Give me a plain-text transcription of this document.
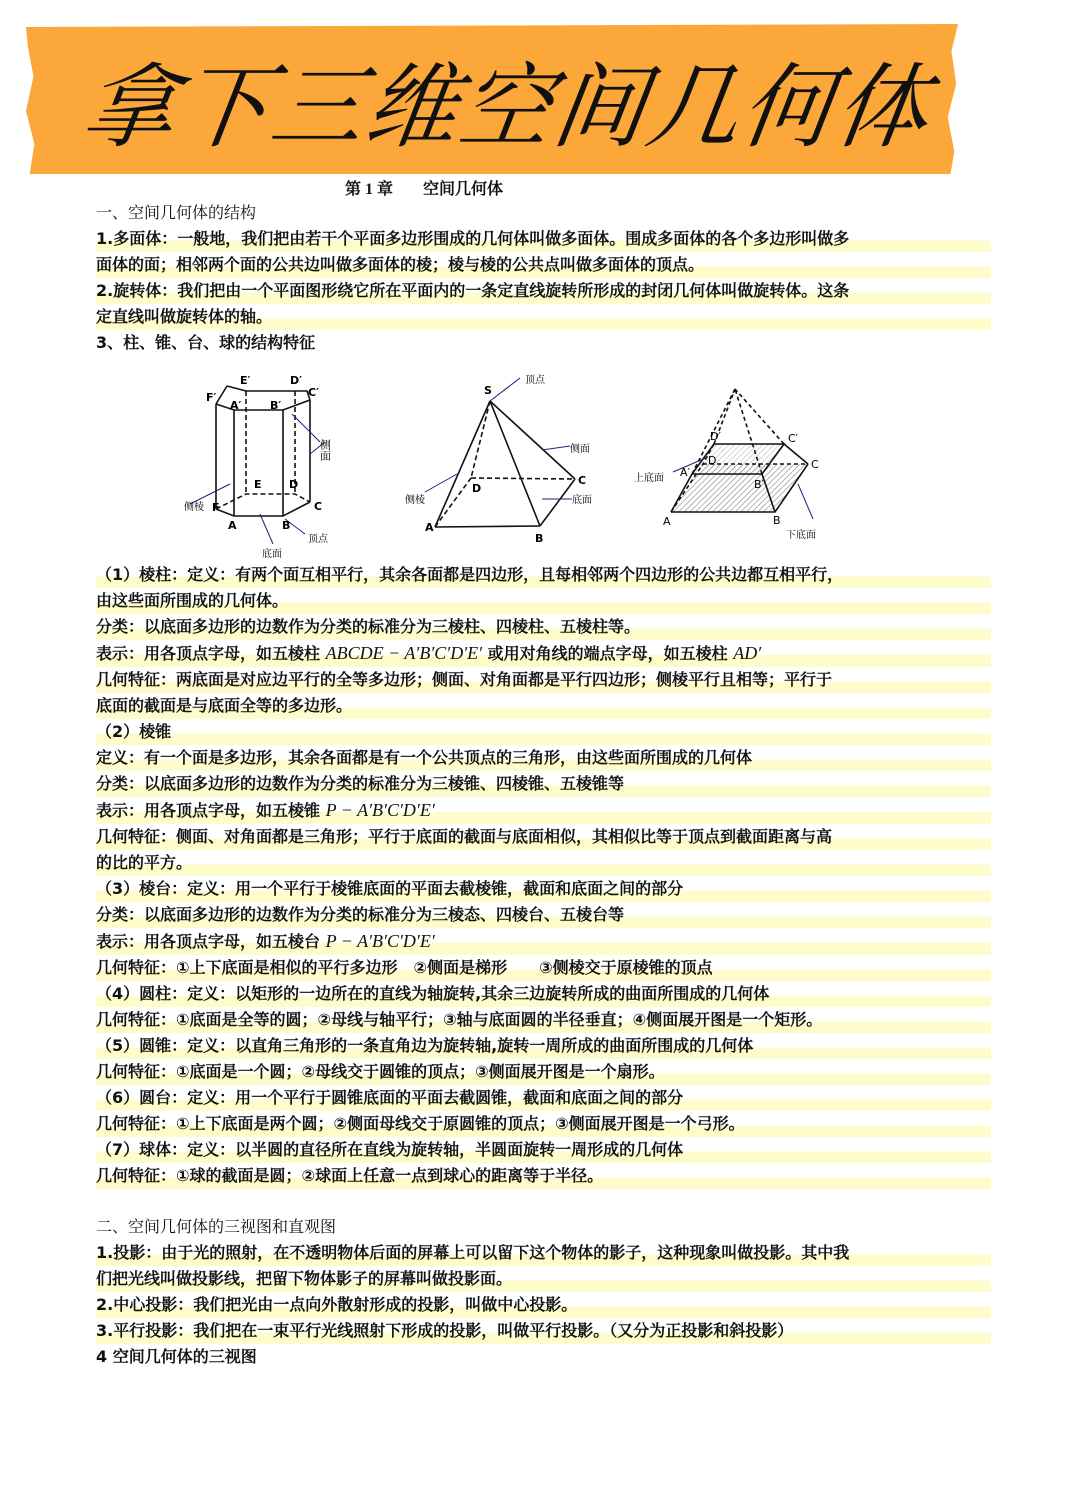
拿
下
三
维
空
间
几
何
体
第 1 章 空间几何体
一、空间几何体的结构
1.多面体：一般地，我们把由若干个平面多边形围成的几何体叫做多面体。围成多面体的各个多边形叫做多
面体的面；相邻两个面的公共边叫做多面体的棱；棱与棱的公共点叫做多面体的顶点。
2.旋转体：我们把由一个平面图形绕它所在平面内的一条定直线旋转所形成的封闭几何体叫做旋转体。这条
定直线叫做旋转体的轴。
3、柱、锥、台、球的结构特征
E′	D′
F′
A′	B′
C′
E D
F
A	B
C
侧面
侧棱
底面
顶点
S
D
A
B
C
顶点
侧面
底面
侧棱
D′
D
A′
B′
C′
C
A	B
上底面
下底面
（1）棱柱：定义：有两个面互相平行，其余各面都是四边形，且每相邻两个四边形的公共边都互相平行，
由这些面所围成的几何体。
分类：以底面多边形的边数作为分类的标准分为三棱柱、四棱柱、五棱柱等。
表示：用各顶点字母，如五棱柱 ABCDE − A′B′C′D′E′ 或用对角线的端点字母，如五棱柱 AD′
几何特征：两底面是对应边平行的全等多边形；侧面、对角面都是平行四边形；侧棱平行且相等；平行于
底面的截面是与底面全等的多边形。
（2）棱锥
定义：有一个面是多边形，其余各面都是有一个公共顶点的三角形，由这些面所围成的几何体
分类：以底面多边形的边数作为分类的标准分为三棱锥、四棱锥、五棱锥等
表示：用各顶点字母，如五棱锥 P − A′B′C′D′E′
几何特征：侧面、对角面都是三角形；平行于底面的截面与底面相似，其相似比等于顶点到截面距离与高
的比的平方。
（3）棱台：定义：用一个平行于棱锥底面的平面去截棱锥，截面和底面之间的部分
分类：以底面多边形的边数作为分类的标准分为三棱态、四棱台、五棱台等
表示：用各顶点字母，如五棱台 P − A′B′C′D′E′
几何特征：①上下底面是相似的平行多边形　②侧面是梯形　　③侧棱交于原棱锥的顶点
（4）圆柱：定义：以矩形的一边所在的直线为轴旋转,其余三边旋转所成的曲面所围成的几何体
几何特征：①底面是全等的圆；②母线与轴平行；③轴与底面圆的半径垂直；④侧面展开图是一个矩形。
（5）圆锥：定义：以直角三角形的一条直角边为旋转轴,旋转一周所成的曲面所围成的几何体
几何特征：①底面是一个圆；②母线交于圆锥的顶点；③侧面展开图是一个扇形。
（6）圆台：定义：用一个平行于圆锥底面的平面去截圆锥，截面和底面之间的部分
几何特征：①上下底面是两个圆；②侧面母线交于原圆锥的顶点；③侧面展开图是一个弓形。
（7）球体：定义：以半圆的直径所在直线为旋转轴，半圆面旋转一周形成的几何体
几何特征：①球的截面是圆；②球面上任意一点到球心的距离等于半径。
二、空间几何体的三视图和直观图
1.投影：由于光的照射，在不透明物体后面的屏幕上可以留下这个物体的影子，这种现象叫做投影。其中我
们把光线叫做投影线，把留下物体影子的屏幕叫做投影面。
2.中心投影：我们把光由一点向外散射形成的投影，叫做中心投影。
3.平行投影：我们把在一束平行光线照射下形成的投影，叫做平行投影。（又分为正投影和斜投影）
4 空间几何体的三视图
